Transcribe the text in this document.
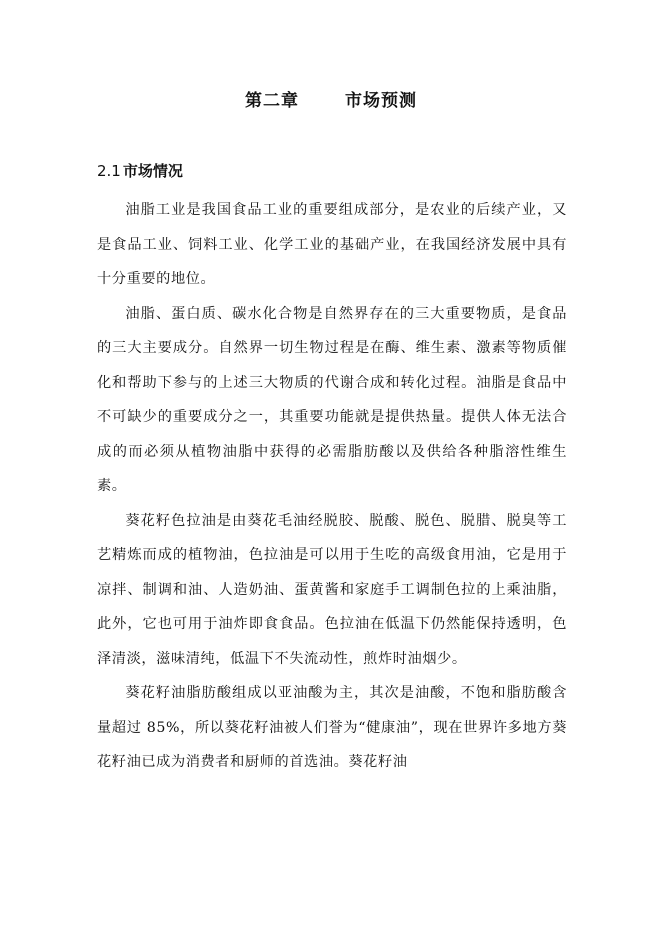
第二章	市场预测
2.1 市场情况

油脂工业是我国食品工业的重要组成部分，是农业的后续产业，又是食品工业、饲料工业、化学工业的基础产业，在我国经济发展中具有十分重要的地位。

油脂、蛋白质、碳水化合物是自然界存在的三大重要物质，是食品的三大主要成分。自然界一切生物过程是在酶、维生素、激素等物质催化和帮助下参与的上述三大物质的代谢合成和转化过程。油脂是食品中不可缺少的重要成分之一，其重要功能就是提供热量。提供人体无法合成的而必须从植物油脂中获得的必需脂肪酸以及供给各种脂溶性维生素。

葵花籽色拉油是由葵花毛油经脱胶、脱酸、脱色、脱腊、脱臭等工艺精炼而成的植物油，色拉油是可以用于生吃的高级食用油，它是用于凉拌、制调和油、人造奶油、蛋黄酱和家庭手工调制色拉的上乘油脂，此外，它也可用于油炸即食食品。色拉油在低温下仍然能保持透明，色泽清淡，滋味清纯，低温下不失流动性，煎炸时油烟少。

葵花籽油脂肪酸组成以亚油酸为主，其次是油酸，不饱和脂肪酸含量超过 85%，所以葵花籽油被人们誉为“健康油”，现在世界许多地方葵花籽油已成为消费者和厨师的首选油。葵花籽油
